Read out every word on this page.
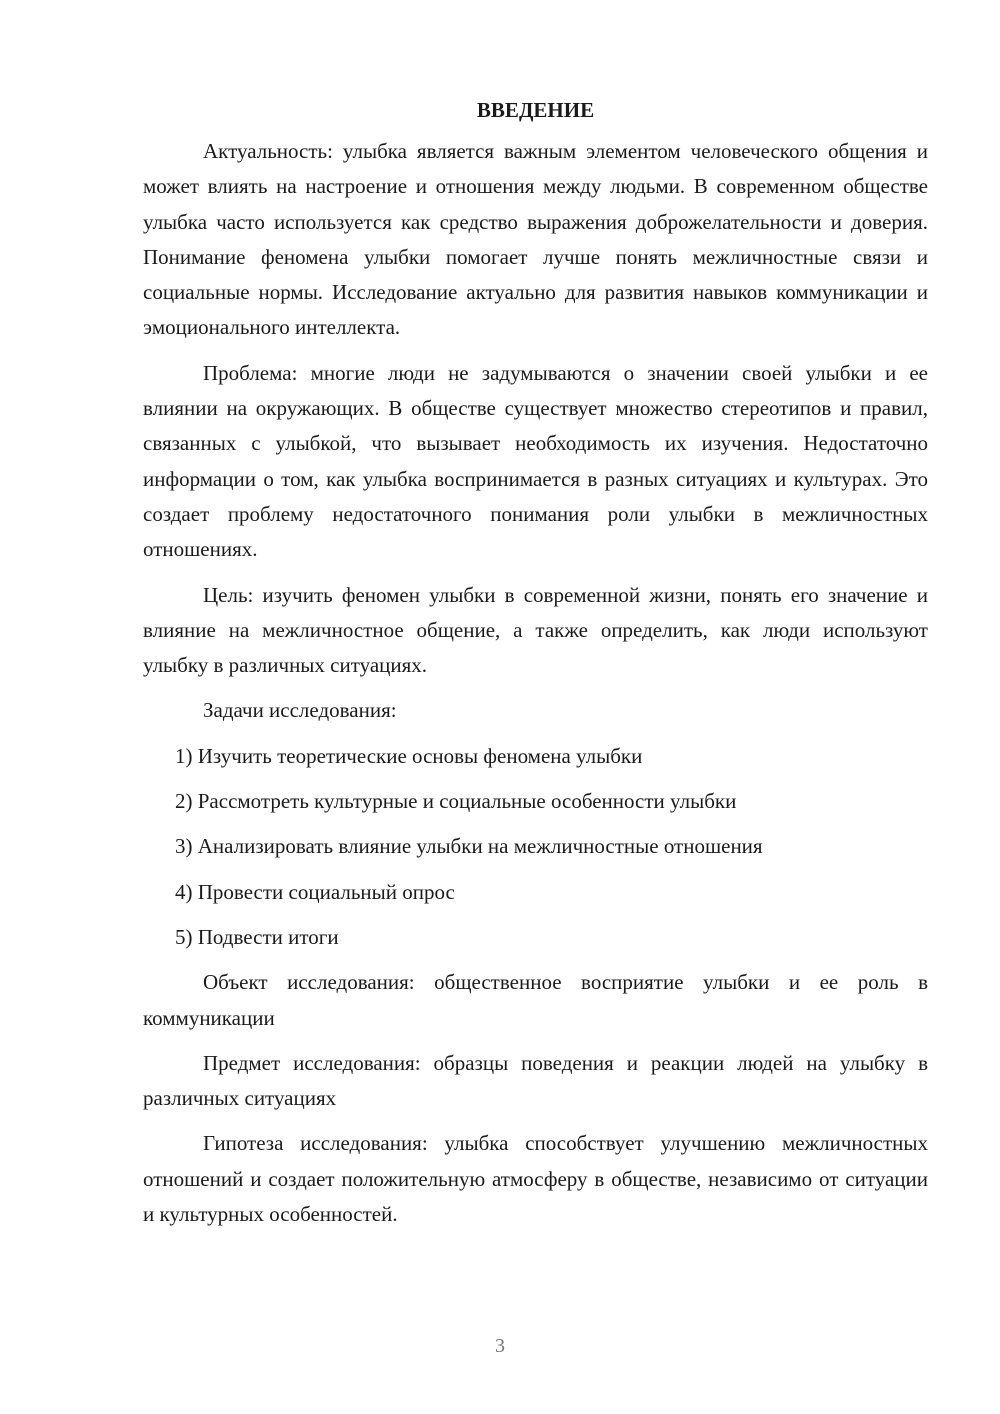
ВВЕДЕНИЕ

Актуальность: улыбка является важным элементом человеческого общения и может влиять на настроение и отношения между людьми. В современном обществе улыбка часто используется как средство выражения доброжелательности и доверия. Понимание феномена улыбки помогает лучше понять межличностные связи и социальные нормы. Исследование актуально для развития навыков коммуникации и эмоционального интеллекта.

Проблема: многие люди не задумываются о значении своей улыбки и ее влиянии на окружающих. В обществе существует множество стереотипов и правил, связанных с улыбкой, что вызывает необходимость их изучения. Недостаточно информации о том, как улыбка воспринимается в разных ситуациях и культурах. Это создает проблему недостаточного понимания роли улыбки в межличностных отношениях.

Цель: изучить феномен улыбки в современной жизни, понять его значение и влияние на межличностное общение, а также определить, как люди используют улыбку в различных ситуациях.

Задачи исследования:

1) Изучить теоретические основы феномена улыбки
2) Рассмотреть культурные и социальные особенности улыбки
3) Анализировать влияние улыбки на межличностные отношения
4) Провести социальный опрос
5) Подвести итоги

Объект исследования: общественное восприятие улыбки и ее роль в коммуникации

Предмет исследования: образцы поведения и реакции людей на улыбку в различных ситуациях

Гипотеза исследования: улыбка способствует улучшению межличностных отношений и создает положительную атмосферу в обществе, независимо от ситуации и культурных особенностей.

3
